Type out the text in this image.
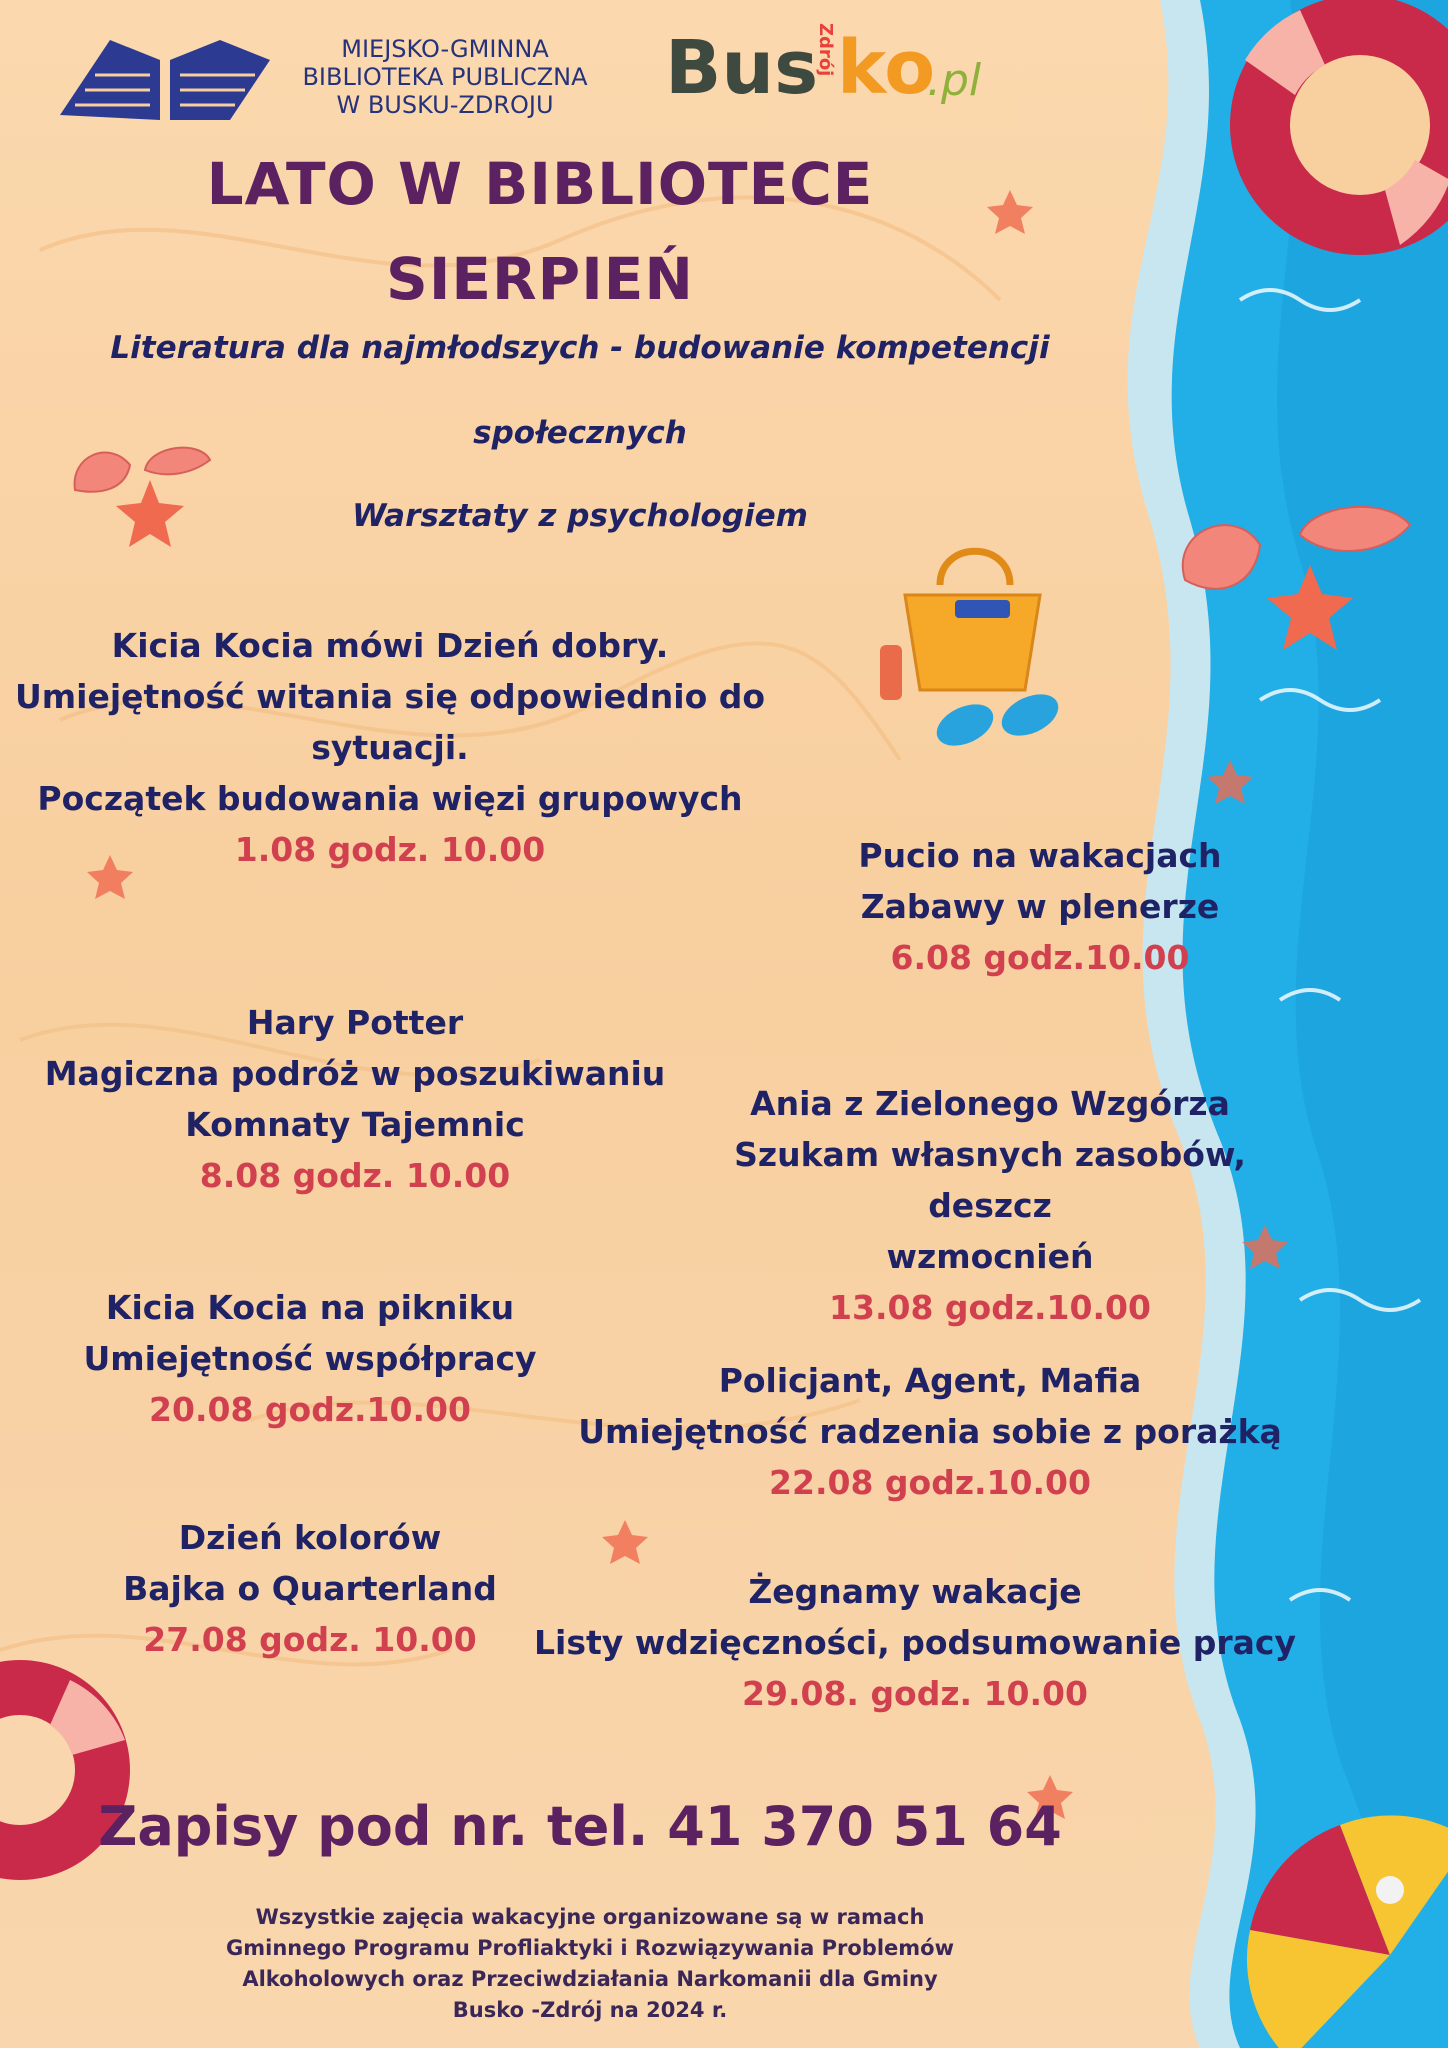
MIEJSKO-GMINNA
BIBLIOTEKA PUBLICZNA
W BUSKU-ZDROJU	Bus
Zdrój ko
.pl
LATO W BIBLIOTECE
SIERPIEŃ
Literatura dla najmłodszych - budowanie kompetencji
społecznych
Warsztaty z psychologiem
Kicia Kocia mówi Dzień dobry.
Umiejętność witania się odpowiednio do
sytuacji.
Początek budowania więzi grupowych
1.08 godz. 10.00	Pucio na wakacjach
Zabawy w plenerze
6.08 godz.10.00
Hary Potter
Magiczna podróż w poszukiwaniu
Komnaty Tajemnic
8.08 godz. 10.00
Ania z Zielonego Wzgórza
Szukam własnych zasobów, deszcz
wzmocnień
13.08 godz.10.00
Kicia Kocia na pikniku
Umiejętność współpracy
20.08 godz.10.00
Policjant, Agent, Mafia
Umiejętność radzenia sobie z porażką
22.08 godz.10.00
Dzień kolorów
Bajka o Quarterland
27.08 godz. 10.00
Żegnamy wakacje
Listy wdzięczności, podsumowanie pracy
29.08. godz. 10.00
Zapisy pod nr. tel. 41 370 51 64
Wszystkie zajęcia wakacyjne organizowane są w ramach
Gminnego Programu Profliaktyki i Rozwiązywania Problemów
Alkoholowych oraz Przeciwdziałania Narkomanii dla Gminy
Busko -Zdrój na 2024 r.
